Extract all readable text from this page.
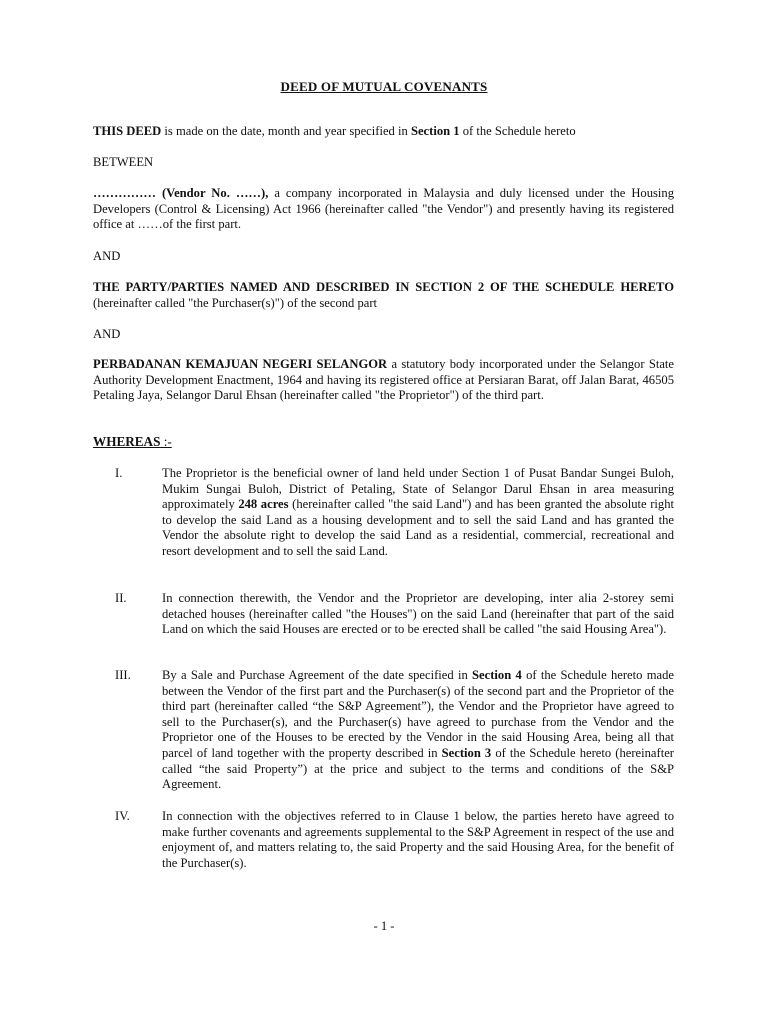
DEED OF MUTUAL COVENANTS
THIS DEED is made on the date, month and year specified in Section 1 of the Schedule hereto
BETWEEN
…………… (Vendor No. ……), a company incorporated in Malaysia and duly licensed under the Housing Developers (Control & Licensing) Act 1966 (hereinafter called "the Vendor") and presently having its registered office at ……of the first part.
AND
THE PARTY/PARTIES NAMED AND DESCRIBED IN SECTION 2 OF THE SCHEDULE HERETO (hereinafter called "the Purchaser(s)") of the second part
AND
PERBADANAN KEMAJUAN NEGERI SELANGOR a statutory body incorporated under the Selangor State Authority Development Enactment, 1964 and having its registered office at Persiaran Barat, off Jalan Barat, 46505 Petaling Jaya, Selangor Darul Ehsan (hereinafter called "the Proprietor") of the third part.
WHEREAS :-
I.	The Proprietor is the beneficial owner of land held under Section 1 of Pusat Bandar Sungei Buloh, Mukim Sungai Buloh, District of Petaling, State of Selangor Darul Ehsan in area measuring approximately 248 acres (hereinafter called "the said Land") and has been granted the absolute right to develop the said Land as a housing development and to sell the said Land and has granted the Vendor the absolute right to develop the said Land as a residential, commercial, recreational and resort development and to sell the said Land.
II.	In connection therewith, the Vendor and the Proprietor are developing, inter alia 2-storey semi detached houses (hereinafter called "the Houses") on the said Land (hereinafter that part of the said Land on which the said Houses are erected or to be erected shall be called "the said Housing Area").
III. By a Sale and Purchase Agreement of the date specified in Section 4 of the Schedule hereto made between the Vendor of the first part and the Purchaser(s) of the second part and the Proprietor of the third part (hereinafter called “the S&P Agreement”), the Vendor and the Proprietor have agreed to sell to the Purchaser(s), and the Purchaser(s) have agreed to purchase from the Vendor and the Proprietor one of the Houses to be erected by the Vendor in the said Housing Area, being all that parcel of land together with the property described in Section 3 of the Schedule hereto (hereinafter called “the said Property”) at the price and subject to the terms and conditions of the S&P Agreement.
IV.	In connection with the objectives referred to in Clause 1 below, the parties hereto have agreed to make further covenants and agreements supplemental to the S&P Agreement in respect of the use and enjoyment of, and matters relating to, the said Property and the said Housing Area, for the benefit of the Purchaser(s).
- 1 -
